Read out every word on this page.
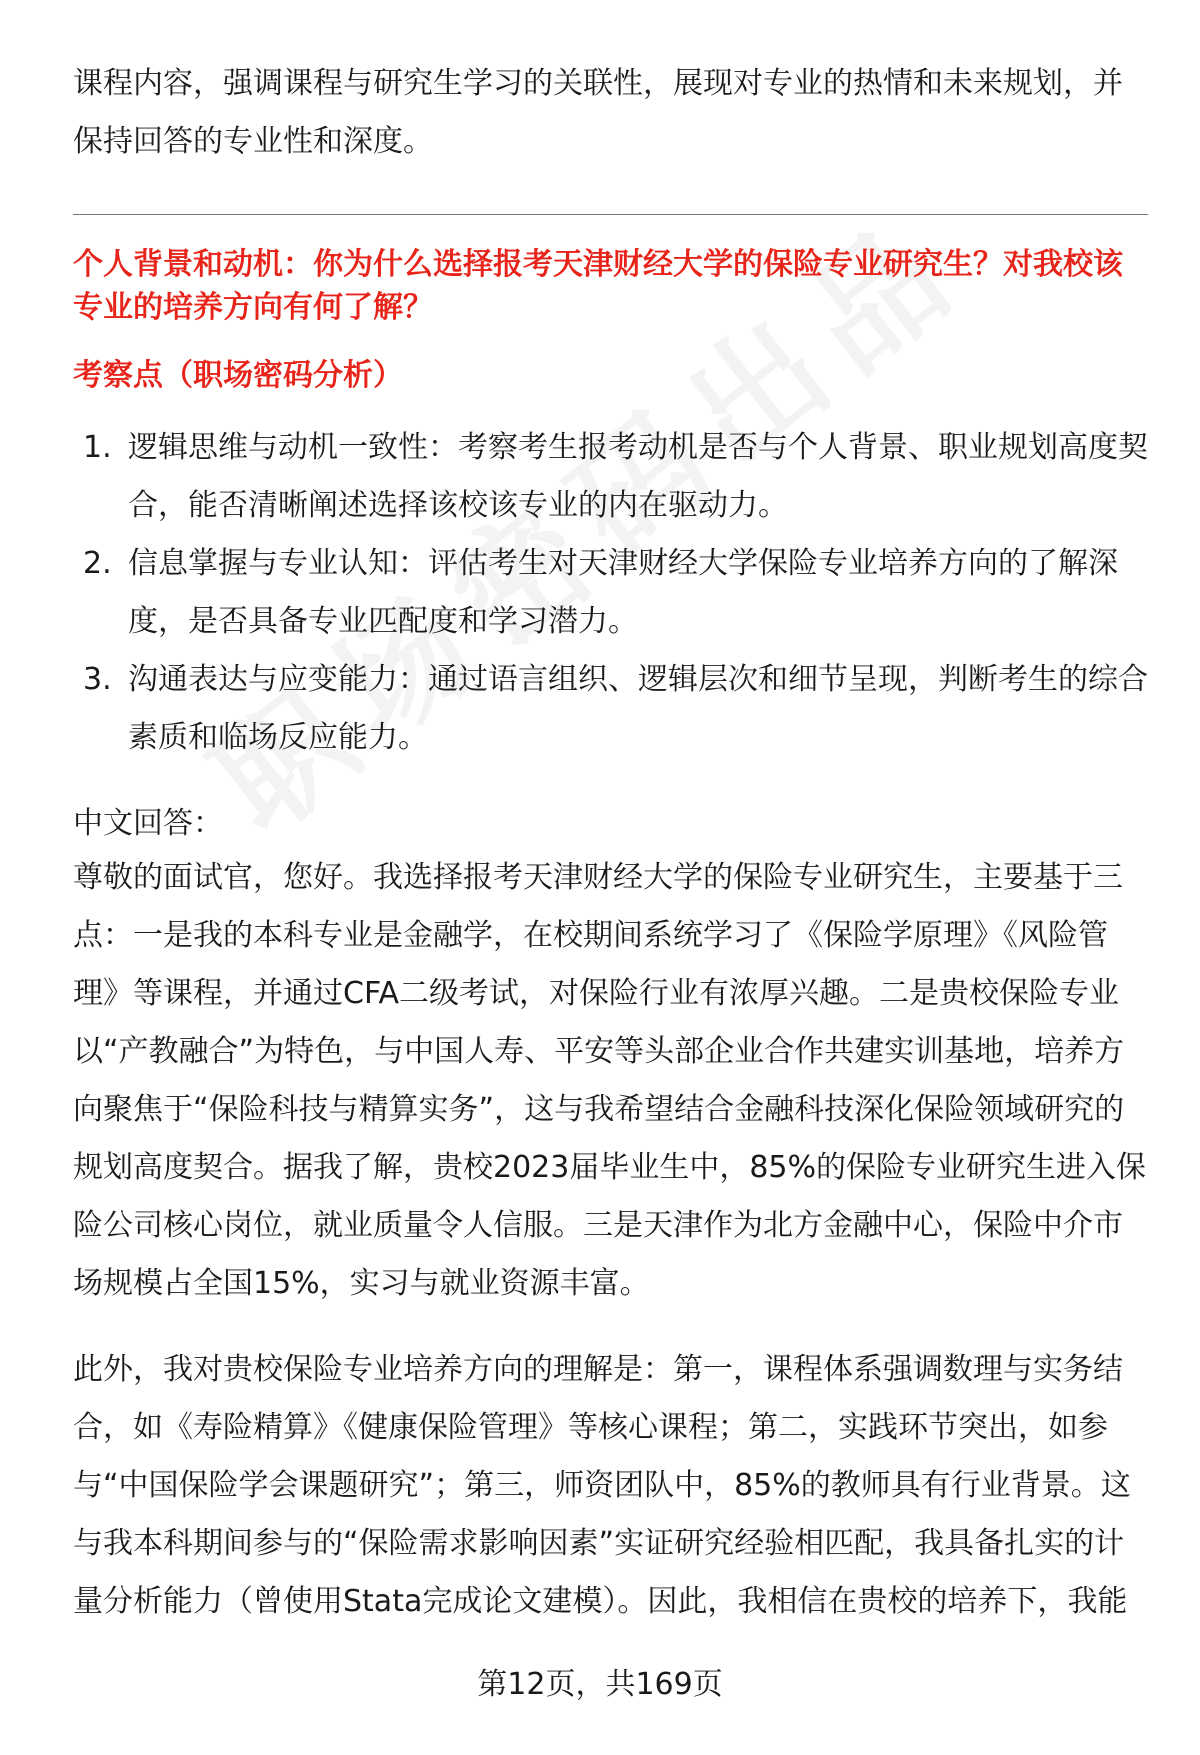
课程内容，强调课程与研究生学习的关联性，展现对专业的热情和未来规划，并保持回答的专业性和深度。

个人背景和动机：你为什么选择报考天津财经大学的保险专业研究生？对我校该专业的培养方向有何了解？

考察点（职场密码分析）

1. 逻辑思维与动机一致性：考察考生报考动机是否与个人背景、职业规划高度契合，能否清晰阐述选择该校该专业的内在驱动力。
2. 信息掌握与专业认知：评估考生对天津财经大学保险专业培养方向的了解深度，是否具备专业匹配度和学习潜力。
3. 沟通表达与应变能力：通过语言组织、逻辑层次和细节呈现，判断考生的综合素质和临场反应能力。

中文回答：

尊敬的面试官，您好。我选择报考天津财经大学的保险专业研究生，主要基于三点：一是我的本科专业是金融学，在校期间系统学习了《保险学原理》《风险管理》等课程，并通过CFA二级考试，对保险行业有浓厚兴趣。二是贵校保险专业以“产教融合”为特色，与中国人寿、平安等头部企业合作共建实训基地，培养方向聚焦于“保险科技与精算实务”，这与我希望结合金融科技深化保险领域研究的规划高度契合。据我了解，贵校2023届毕业生中，85%的保险专业研究生进入保险公司核心岗位，就业质量令人信服。三是天津作为北方金融中心，保险中介市场规模占全国15%，实习与就业资源丰富。

此外，我对贵校保险专业培养方向的理解是：第一，课程体系强调数理与实务结合，如《寿险精算》《健康保险管理》等核心课程；第二，实践环节突出，如参与“中国保险学会课题研究”；第三，师资团队中，85%的教师具有行业背景。这与我本科期间参与的“保险需求影响因素”实证研究经验相匹配，我具备扎实的计量分析能力（曾使用Stata完成论文建模）。因此，我相信在贵校的培养下，我能

第12页，共169页
